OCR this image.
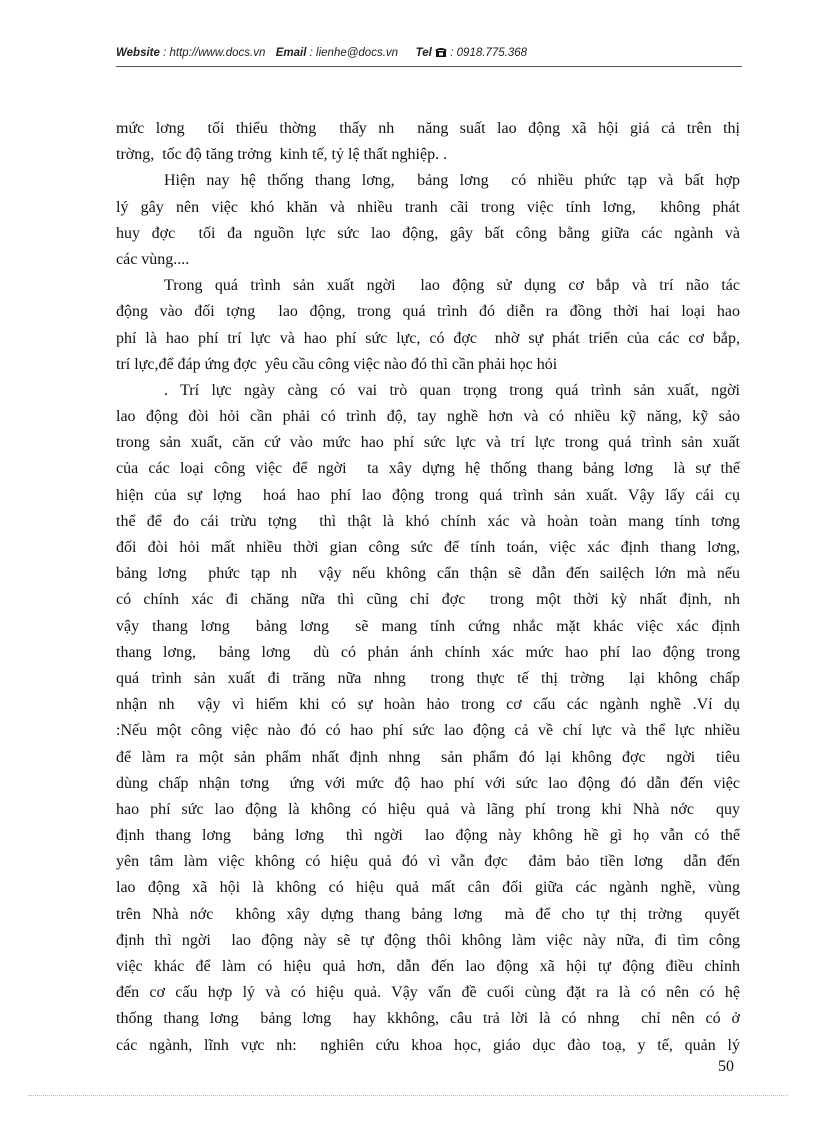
Website : http://www.docs.vn Email : lienhe@docs.vn Tel : 0918.775.368
mức lơng  tối thiểu thờng  thấy nh  năng suất lao động xã hội giá cả trên thị
trờng,  tốc độ tăng trởng  kinh tế, tỷ lệ thất nghiệp. .
Hiện nay hệ thống thang lơng,  bảng lơng  có nhiều phức tạp và bất hợp
lý gây nên việc khó khăn và nhiều tranh cãi trong việc tính lơng,  không phát
huy đợc  tối đa nguồn lực sức lao động, gây bất công bằng giữa các ngành và
các vùng....
Trong quá trình sản xuất ngời  lao động sử dụng cơ bắp và trí não tác
động vào đối tợng  lao động, trong quá trình đó diễn ra đồng thời hai loại hao
phí là hao phí trí lực và hao phí sức lực, có đợc  nhờ sự phát triển của các cơ bắp,
trí lực,để đáp ứng đợc  yêu cầu công việc nào đó thì cần phải học hỏi
. Trí lực ngày càng có vai trò quan trọng trong quá trình sản xuất, ngời
lao động đòi hỏi cần phải có trình độ, tay nghề hơn và có nhiều kỹ năng, kỹ sảo
trong sản xuất, căn cứ vào mức hao phí sức lực và trí lực trong quá trình sản xuất
của các loại công việc để ngời  ta xây dựng hệ thống thang bảng lơng  là sự thể
hiện của sự lợng  hoá hao phí lao động trong quá trình sản xuất. Vậy lấy cái cụ
thể để đo cái trừu tợng  thì thật là khó chính xác và hoàn toàn mang tính tơng
đối đòi hỏi mất nhiều thời gian công sức để tính toán, việc xác định thang lơng,
bảng lơng  phức tạp nh  vậy nếu không cẩn thận sẽ dẫn đến sailệch lớn mà nếu
có chính xác đi chăng nữa thì cũng chỉ đợc  trong một thời kỳ nhất định, nh
vậy thang lơng  bảng lơng  sẽ mang tính cứng nhắc mặt khác việc xác định
thang lơng,  bảng lơng  dù có phản ánh chính xác mức hao phí lao động trong
quá trình sản xuất đi trăng nữa nhng  trong thực tế thị trờng  lại không chấp
nhận nh  vậy vì hiếm khi có sự hoàn hảo trong cơ cấu các ngành nghề .Ví dụ
:Nếu một công việc nào đó có hao phí sức lao động cả về chí lực và thể lực nhiều
để làm ra một sản phẩm nhất định nhng  sản phẩm đó lại không đợc  ngời  tiêu
dùng chấp nhận tơng  ứng với mức độ hao phí với sức lao động đó dẫn đến việc
hao phí sức lao động là không có hiệu quả và lãng phí trong khi Nhà nớc  quy
định thang lơng  bảng lơng  thì ngời  lao động này không hề gì họ vẫn có thể
yên tâm làm việc không có hiệu quả đó vì vẫn đợc  đảm bảo tiền lơng  dẫn đến
lao động xã hội là không có hiệu quả mất cân đối giữa các ngành nghề, vùng
trên Nhà nớc  không xây dựng thang bảng lơng  mà để cho tự thị trờng  quyết
định thì ngời  lao động này sẽ tự động thôi không làm việc này nữa, đi tìm công
việc khác để làm có hiệu quả hơn, dẫn đến lao động xã hội tự động điều chỉnh
đến cơ cấu hợp lý và có hiệu quả. Vậy vấn đề cuối cùng đặt ra là có nên có hệ
thống thang lơng  bảng lơng  hay kkhông, câu trả lời là có nhng  chỉ nên có ở
các ngành, lĩnh vực nh:  nghiên cứu khoa học, giáo dục đào toạ, y tế, quản lý
50
